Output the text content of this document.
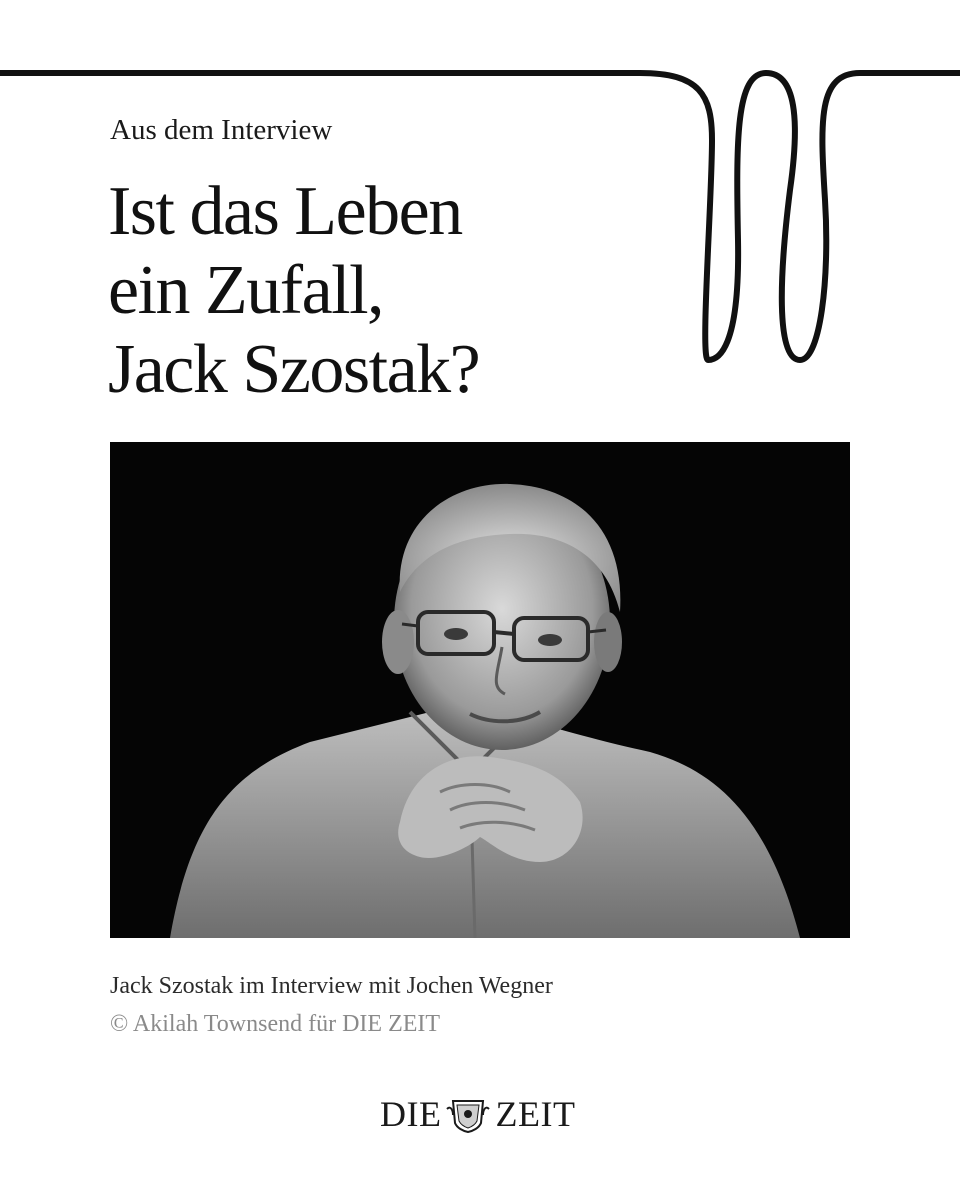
Aus dem Interview
Ist das Leben
ein Zufall,
Jack Szostak?
Jack Szostak im Interview mit Jochen Wegner
© Akilah Townsend für DIE ZEIT
DIE ZEIT
